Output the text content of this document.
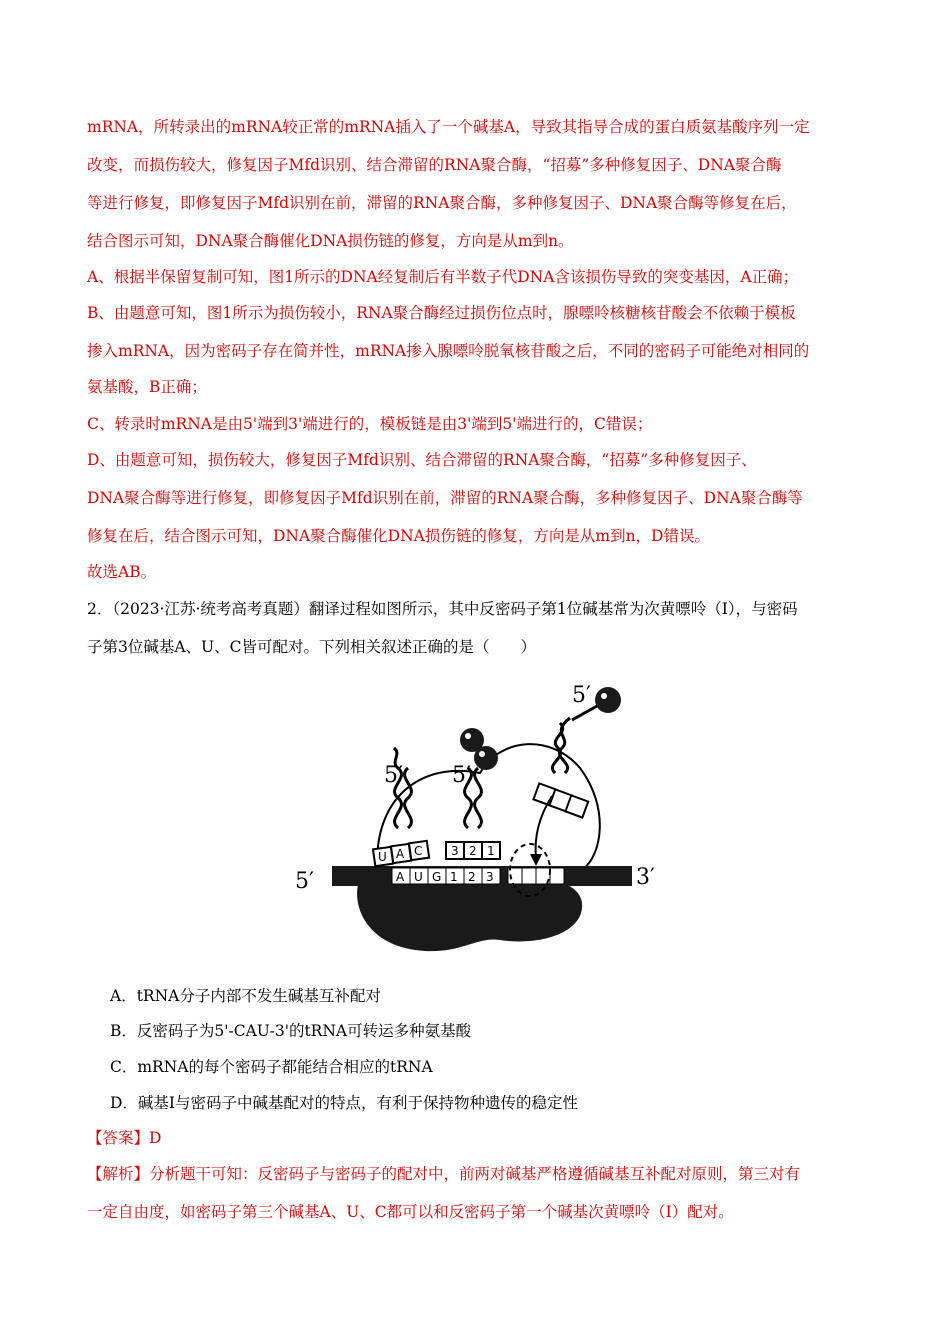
mRNA，所转录出的mRNA较正常的mRNA插入了一个碱基A，导致其指导合成的蛋白质氨基酸序列一定
改变，而损伤较大，修复因子Mfd识别、结合滞留的RNA聚合酶，“招募”多种修复因子、DNA聚合酶
等进行修复，即修复因子Mfd识别在前，滞留的RNA聚合酶，多种修复因子、DNA聚合酶等修复在后，
结合图示可知，DNA聚合酶催化DNA损伤链的修复，方向是从m到n。
A、根据半保留复制可知，图1所示的DNA经复制后有半数子代DNA含该损伤导致的突变基因，A正确；
B、由题意可知，图1所示为损伤较小，RNA聚合酶经过损伤位点时，腺嘌呤核糖核苷酸会不依赖于模板
掺入mRNA，因为密码子存在简并性，mRNA掺入腺嘌呤脱氧核苷酸之后，不同的密码子可能绝对相同的
氨基酸，B正确；
C、转录时mRNA是由5'端到3'端进行的，模板链是由3'端到5'端进行的，C错误；
D、由题意可知，损伤较大，修复因子Mfd识别、结合滞留的RNA聚合酶，“招募”多种修复因子、
DNA聚合酶等进行修复，即修复因子Mfd识别在前，滞留的RNA聚合酶，多种修复因子、DNA聚合酶等
修复在后，结合图示可知，DNA聚合酶催化DNA损伤链的修复，方向是从m到n，D错误。
故选AB。
2．（2023·江苏·统考高考真题）翻译过程如图所示，其中反密码子第1位碱基常为次黄嘌呤（I），与密码
子第3位碱基A、U、C皆可配对。下列相关叙述正确的是（　　）
A U G 1 2 3
5′	3′
U A C
5′
3 2 1
5′
5′
A．tRNA分子内部不发生碱基互补配对
B．反密码子为5'-CAU-3'的tRNA可转运多种氨基酸
C．mRNA的每个密码子都能结合相应的tRNA
D．碱基I与密码子中碱基配对的特点，有利于保持物种遗传的稳定性
【答案】D
【解析】分析题干可知：反密码子与密码子的配对中，前两对碱基严格遵循碱基互补配对原则，第三对有
一定自由度，如密码子第三个碱基A、U、C都可以和反密码子第一个碱基次黄嘌呤（I）配对。
